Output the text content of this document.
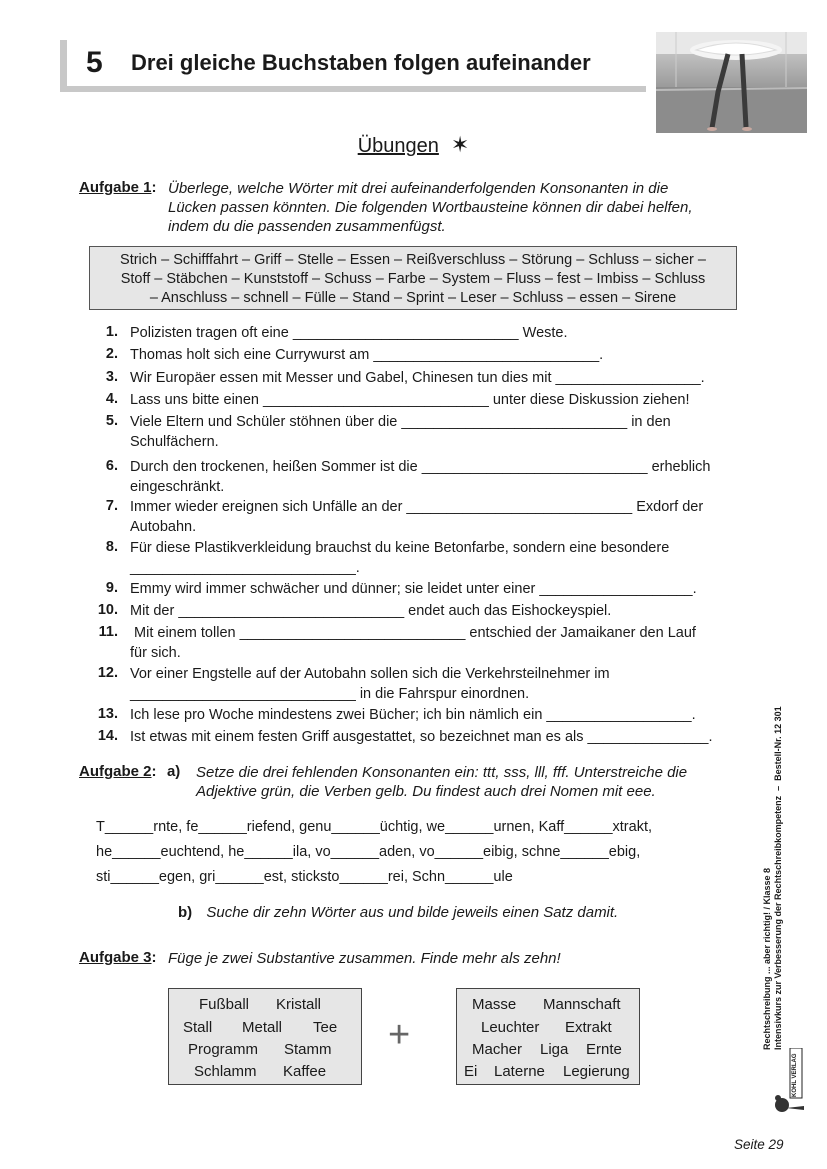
5 Drei gleiche Buchstaben folgen aufeinander
Übungen ✶
Aufgabe 1: Überlege, welche Wörter mit drei aufeinanderfolgenden Konsonanten in die
Lücken passen könnten. Die folgenden Wortbausteine können dir dabei helfen,
indem du die passenden zusammenfügst.
Strich – Schifffahrt – Griff – Stelle – Essen – Reißverschluss – Störung – Schluss – sicher –
Stoff – Stäbchen – Kunststoff – Schuss – Farbe – System – Fluss – fest – Imbiss – Schluss
– Anschluss – schnell – Fülle – Stand – Sprint – Leser – Schluss – essen – Sirene
1. Polizisten tragen oft eine ____________________________ Weste.
2. Thomas holt sich eine Currywurst am ____________________________.
3. Wir Europäer essen mit Messer und Gabel, Chinesen tun dies mit __________________.
4. Lass uns bitte einen ____________________________ unter diese Diskussion ziehen!
5. Viele Eltern und Schüler stöhnen über die ____________________________ in den
Schulfächern.
6. Durch den trockenen, heißen Sommer ist die ____________________________ erheblich
eingeschränkt.
7. Immer wieder ereignen sich Unfälle an der ____________________________ Exdorf der
Autobahn.
8. Für diese Plastikverkleidung brauchst du keine Betonfarbe, sondern eine besondere
____________________________.
9. Emmy wird immer schwächer und dünner; sie leidet unter einer ___________________.
10. Mit der ____________________________ endet auch das Eishockeyspiel.
11. Mit einem tollen ____________________________ entschied der Jamaikaner den Lauf
für sich.
12. Vor einer Engstelle auf der Autobahn sollen sich die Verkehrsteilnehmer im
____________________________ in die Fahrspur einordnen.
13. Ich lese pro Woche mindestens zwei Bücher; ich bin nämlich ein __________________.
14. Ist etwas mit einem festen Griff ausgestattet, so bezeichnet man es als _______________.
Aufgabe 2: a) Setze die drei fehlenden Konsonanten ein: ttt, sss, lll, fff. Unterstreiche die
Adjektive grün, die Verben gelb. Du findest auch drei Nomen mit eee.
T______rnte, fe______riefend, genu______üchtig, we______urnen, Kaff______xtrakt,
he______euchtend, he______ila, vo______aden, vo______eibig, schne______ebig,
sti______egen, gri______est, sticksto______rei, Schn______ule
b) Suche dir zehn Wörter aus und bilde jeweils einen Satz damit.
Aufgabe 3: Füge je zwei Substantive zusammen. Finde mehr als zehn!
Fußball Kristall
Stall Metall Tee
Programm Stamm
Schlamm Kaffee
+
Masse Mannschaft
Leuchter Extrakt
Macher Liga Ernte
Ei Laterne Legierung
Rechtschreibung ... aber richtig! / Klasse 8 Intensivkurs zur Verbesserung der Rechtschreibkompetenz  –  Bestell-Nr. 12 301
KOHL VERLAG
Seite 29
